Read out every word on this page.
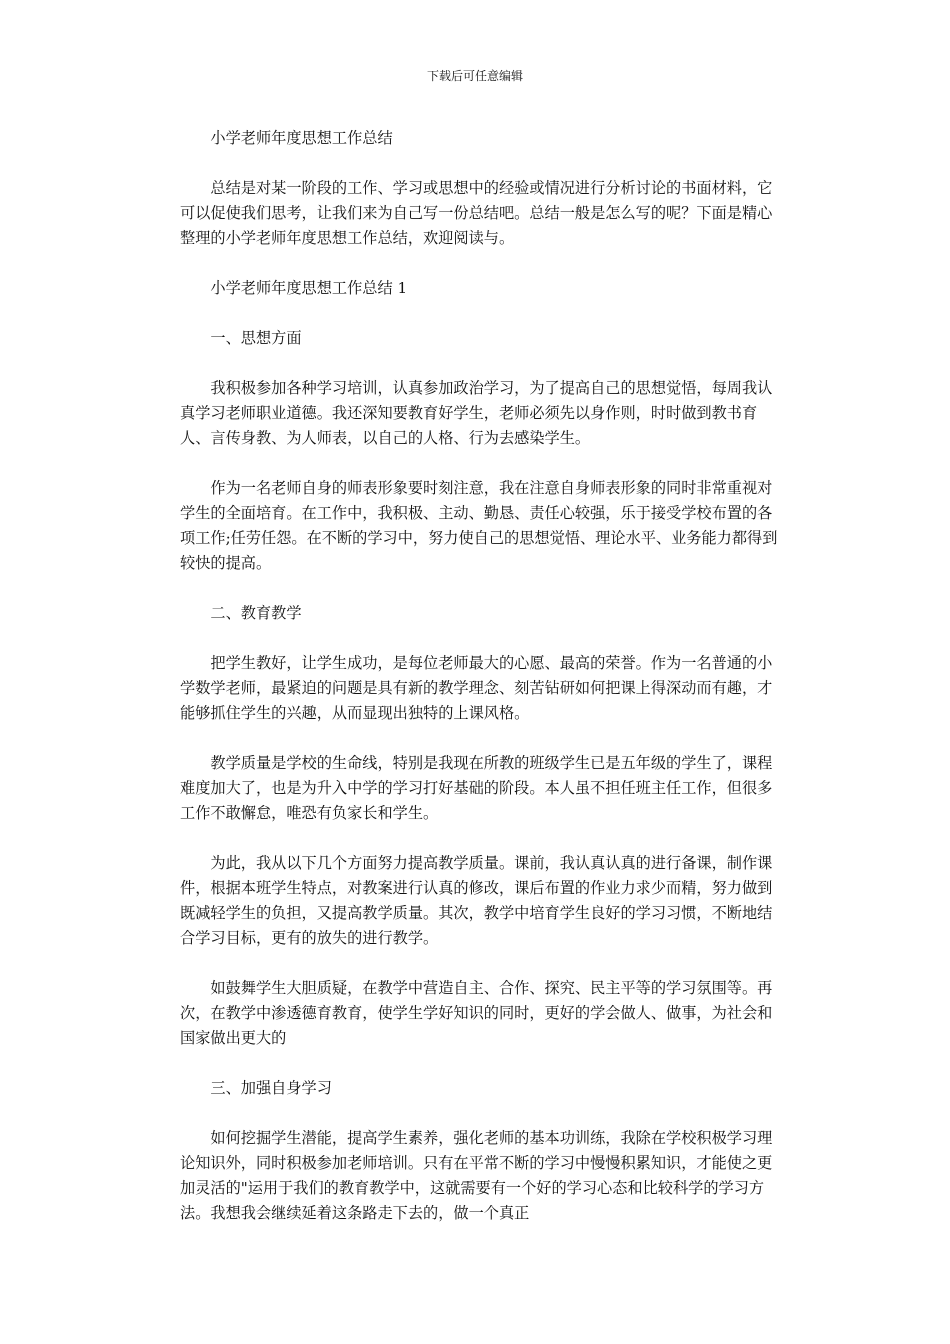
下载后可任意编辑

小学老师年度思想工作总结

总结是对某一阶段的工作、学习或思想中的经验或情况进行分析讨论的书面材料，它可以促使我们思考，让我们来为自己写一份总结吧。总结一般是怎么写的呢？下面是精心整理的小学老师年度思想工作总结，欢迎阅读与。

小学老师年度思想工作总结 1

一、思想方面

我积极参加各种学习培训，认真参加政治学习，为了提高自己的思想觉悟，每周我认真学习老师职业道德。我还深知要教育好学生，老师必须先以身作则，时时做到教书育人、言传身教、为人师表，以自己的人格、行为去感染学生。

作为一名老师自身的师表形象要时刻注意，我在注意自身师表形象的同时非常重视对学生的全面培育。在工作中，我积极、主动、勤恳、责任心较强，乐于接受学校布置的各项工作;任劳任怨。在不断的学习中，努力使自己的思想觉悟、理论水平、业务能力都得到较快的提高。

二、教育教学

把学生教好，让学生成功，是每位老师最大的心愿、最高的荣誉。作为一名普通的小学数学老师，最紧迫的问题是具有新的教学理念、刻苦钻研如何把课上得深动而有趣，才能够抓住学生的兴趣，从而显现出独特的上课风格。

教学质量是学校的生命线，特别是我现在所教的班级学生已是五年级的学生了，课程难度加大了，也是为升入中学的学习打好基础的阶段。本人虽不担任班主任工作，但很多工作不敢懈怠，唯恐有负家长和学生。

为此，我从以下几个方面努力提高教学质量。课前，我认真认真的进行备课，制作课件，根据本班学生特点，对教案进行认真的修改，课后布置的作业力求少而精，努力做到既减轻学生的负担，又提高教学质量。其次，教学中培育学生良好的学习习惯，不断地结合学习目标，更有的放失的进行教学。

如鼓舞学生大胆质疑，在教学中营造自主、合作、探究、民主平等的学习氛围等。再次，在教学中渗透德育教育，使学生学好知识的同时，更好的学会做人、做事，为社会和国家做出更大的

三、加强自身学习

如何挖掘学生潜能，提高学生素养，强化老师的基本功训练，我除在学校积极学习理论知识外，同时积极参加老师培训。只有在平常不断的学习中慢慢积累知识，才能使之更加灵活的"运用于我们的教育教学中，这就需要有一个好的学习心态和比较科学的学习方法。我想我会继续延着这条路走下去的，做一个真正
